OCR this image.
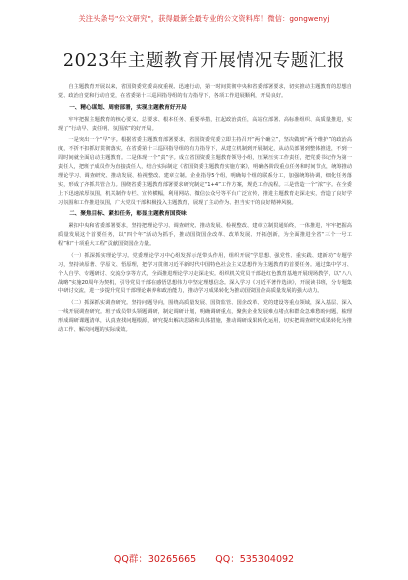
关注头条号"公文研究"，获得最新全最专业的公文资料库！微信：gongwenyj
2023年主题教育开展情况专题汇报

自主题教育开展以来，省国资委党委高度重视、迅速行动，第一时间贯彻中央和省委部署要求，切实推动主题教育的思想自觉、政治自觉和行动自觉，在省委第十三巡回指导组的有力指导下，各项工作进展顺利，开局良好。

一、精心谋划、周密部署，实现主题教育好开局

牢牢把握主题教育的核心要义、总要求、根本任务、重要举措，扛起政治责任，高站位部署、高标准组织、高质量推进，实现了“行动早、责任明、氛围浓”的好开局。

一是突出一个“早”字。根据省委主题教育部署要求，省国资委党委立即主持召开“两个确立”，坚决做到“两个维护”的政治高度，不折不扣抓好贯彻落实，在省委第十三巡回指导组的有力指导下，从建立机制到开展制定，从动员部署到整体推进，不到一周时间就全面启动主题教育。二是体现一个“责”字。成立省国资委主题教育领导小组，压紧压实工作责任，把党委书记作为第一责任人，把班子成员作为直接责任人，结合实际制定《省国资委主题教育实施方案》，明确各阶段重点任务和时间节点，统筹推动理论学习、调查研究、推动发展、检视整改、建章立制。企业指导5个组，明确每个组的联系分工，加强统筹协调，细化任务落实，形成了齐抓共管合力。围绕省委主题教育部署要求研究制定“1+4”工作方案，规范工作流程。三是营造一个“浓”字。在全委上下迅速浓厚氛围，机关制作专栏、宣传横幅，利用网站、微信公众号等平台广泛宣传，推进主题教育走深走实，营造了良好学习氛围和工作推进氛围，广大党员干部积极投入主题教育，展现了主动作为、担当实干的良好精神风貌。

二、聚焦目标、紧扣任务，彰显主题教育国资味

紧扣中央和省委部署要求，坚持把理论学习、调查研究、推动发展、检视整改、建章立制贯通始终，一体推进，牢牢把握高质量发展这个首要任务，以“四个年”活动为抓手，推动国资国企改革、改革发展、开拓创新，为全面推进全省“三个一号工程”和“十项重大工程”贡献国资国企力量。

（一）抓深抓实理论学习。党委理论学习中心组发挥示范带头作用，组织开展“学思想、强党性、重实践、建新功”专题学习，坚持读原著、学原文、悟原理，把学习贯彻习近平新时代中国特色社会主义思想作为主题教育的首要任务。通过集中学习、个人自学、专题研讨、交流分享等方式，全面推进理论学习走深走实。组织机关党员干部赴红色教育基地开展现场教学，以“八八战略”实施20周年为契机，引导党员干部在感悟思想伟力中坚定理想信念。深入学习《习近平著作选读》，开展读书班，分专题集中研讨交流，进一步提升党员干部理论素养和政治能力，推动学习成果转化为推动国资国企高质量发展的强大动力。

（二）抓深抓实调查研究。坚持问题导向，围绕高质量发展、国资监管、国企改革、党的建设等重点领域，深入基层、深入一线开展调查研究。班子成员带头领题调研，制定调研计划，明确调研重点，聚焦企业发展难点堵点和群众急难愁盼问题，梳理形成调研课题清单，认真查找问题根源，研究提出解决思路和具体措施，推动调研成果转化运用，切实把调查研究成果转化为推动工作、解决问题的实际成效。

QQ群：30265665 QQ：535304092
